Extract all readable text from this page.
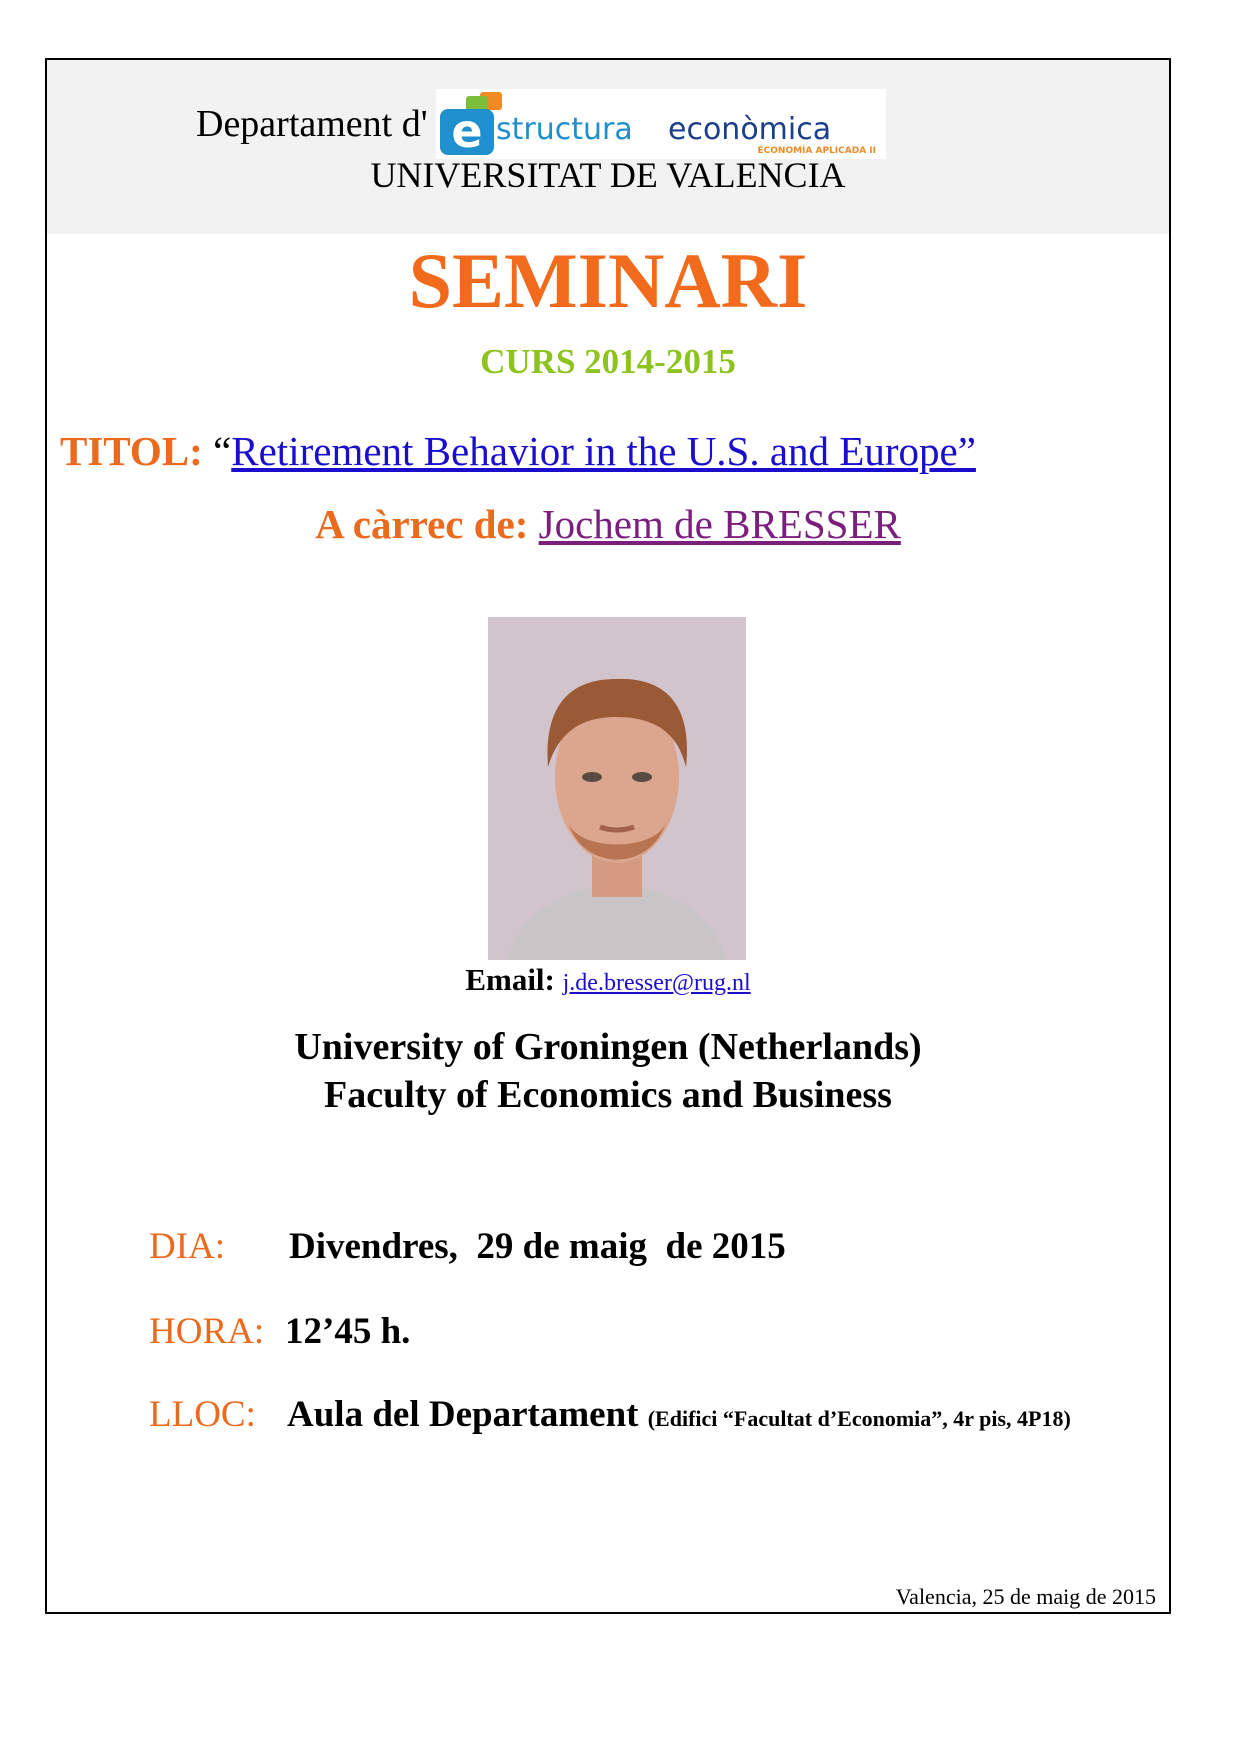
Departament d' e structura econòmica
ECONOMÍA APLICADA II
UNIVERSITAT DE VALENCIA
SEMINARI
CURS 2014-2015
TITOL: “Retirement Behavior in the U.S. and Europe”
A càrrec de: Jochem de BRESSER
Email: j.de.bresser@rug.nl
University of Groningen (Netherlands)
Faculty of Economics and Business
DIA: Divendres,  29 de maig  de 2015
HORA: 12’45 h.
LLOC: Aula del Departament (Edifici “Facultat d’Economia”, 4r pis, 4P18)
Valencia, 25 de maig de 2015
